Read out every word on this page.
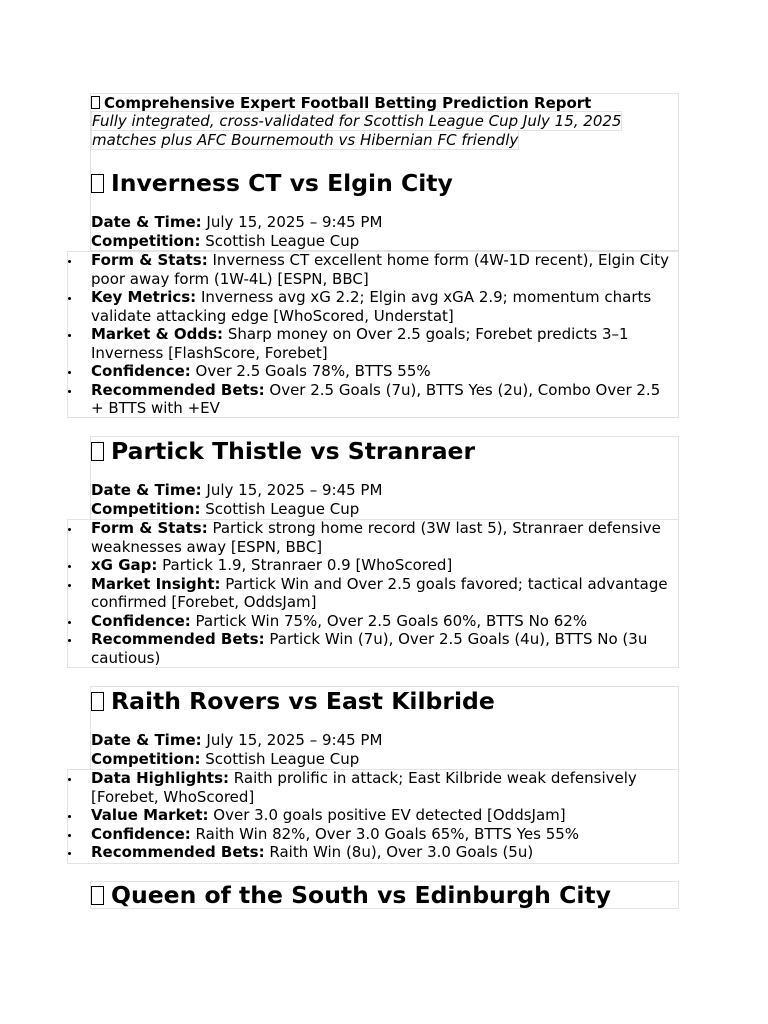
Comprehensive Expert Football Betting Prediction Report
Fully integrated, cross-validated for Scottish League Cup July 15, 2025
matches plus AFC Bournemouth vs Hibernian FC friendly
Inverness CT vs Elgin City
Date & Time: July 15, 2025 – 9:45 PM
Competition: Scottish League Cup
Form & Stats: Inverness CT excellent home form (4W-1D recent), Elgin City poor away form (1W-4L) [ESPN, BBC]
Key Metrics: Inverness avg xG 2.2; Elgin avg xGA 2.9; momentum charts validate attacking edge [WhoScored, Understat]
Market & Odds: Sharp money on Over 2.5 goals; Forebet predicts 3–1 Inverness [FlashScore, Forebet]
Confidence: Over 2.5 Goals 78%, BTTS 55%
Recommended Bets: Over 2.5 Goals (7u), BTTS Yes (2u), Combo Over 2.5 + BTTS with +EV
Partick Thistle vs Stranraer
Date & Time: July 15, 2025 – 9:45 PM
Competition: Scottish League Cup
Form & Stats: Partick strong home record (3W last 5), Stranraer defensive weaknesses away [ESPN, BBC]
xG Gap: Partick 1.9, Stranraer 0.9 [WhoScored]
Market Insight: Partick Win and Over 2.5 goals favored; tactical advantage confirmed [Forebet, OddsJam]
Confidence: Partick Win 75%, Over 2.5 Goals 60%, BTTS No 62%
Recommended Bets: Partick Win (7u), Over 2.5 Goals (4u), BTTS No (3u cautious)
Raith Rovers vs East Kilbride
Date & Time: July 15, 2025 – 9:45 PM
Competition: Scottish League Cup
Data Highlights: Raith prolific in attack; East Kilbride weak defensively [Forebet, WhoScored]
Value Market: Over 3.0 goals positive EV detected [OddsJam]
Confidence: Raith Win 82%, Over 3.0 Goals 65%, BTTS Yes 55%
Recommended Bets: Raith Win (8u), Over 3.0 Goals (5u)
Queen of the South vs Edinburgh City
